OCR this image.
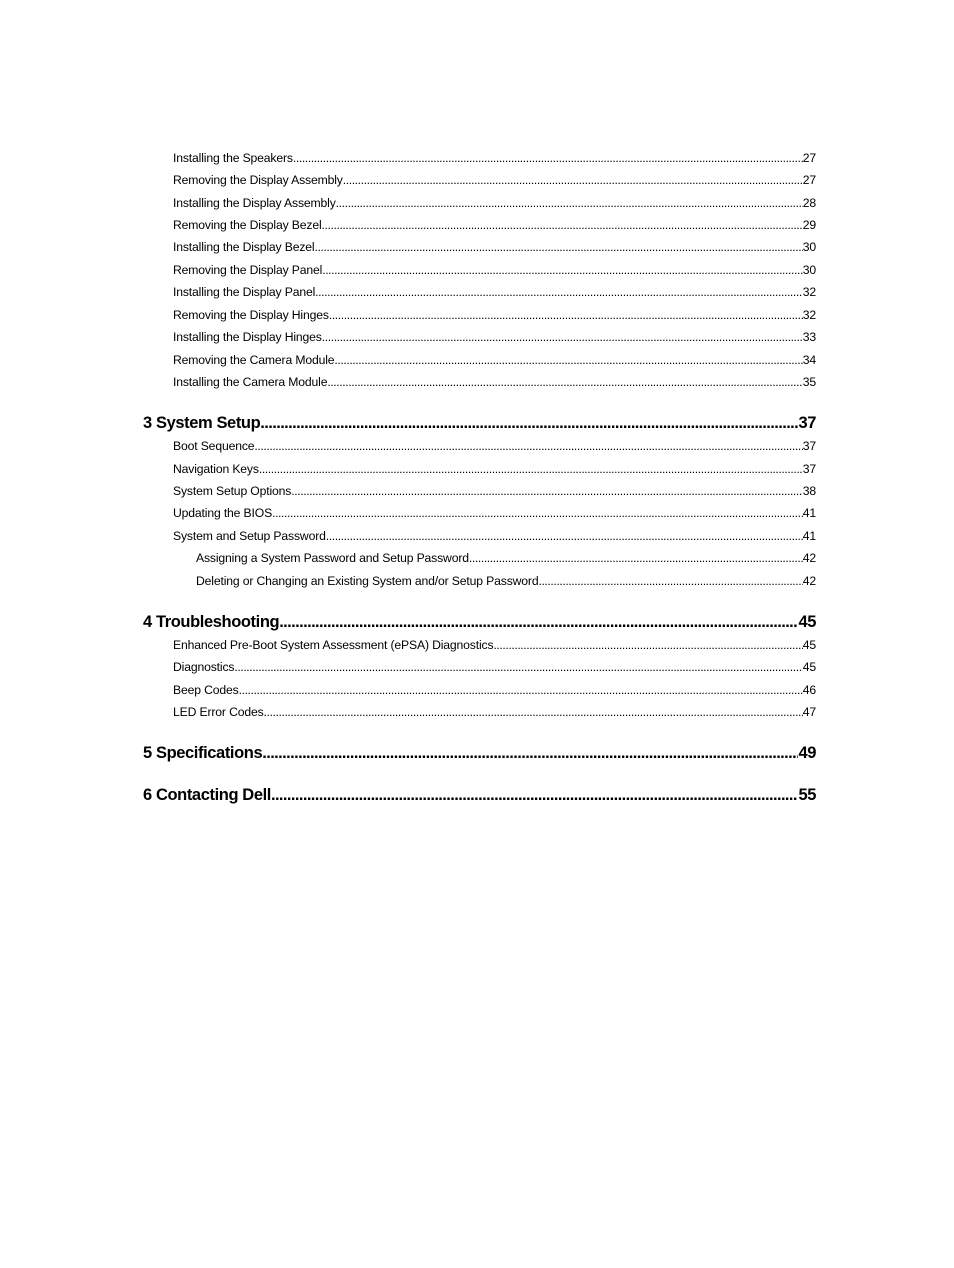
Installing the Speakers .....	27
Removing the Display Assembly .....	27
Installing the Display Assembly .....	28
Removing the Display Bezel .....	29
Installing the Display Bezel .....	30
Removing the Display Panel .....	30
Installing the Display Panel .....	32
Removing the Display Hinges .....	32
Installing the Display Hinges .....	33
Removing the Camera Module .....	34
Installing the Camera Module .....	35
3 System Setup .....	37
Boot Sequence .....	37
Navigation Keys .....	37
System Setup Options .....	38
Updating the BIOS .....	41
System and Setup Password .....	41
Assigning a System Password and Setup Password .....	42
Deleting or Changing an Existing System and/or Setup Password .....	42
4 Troubleshooting .....	45
Enhanced Pre-Boot System Assessment (ePSA) Diagnostics .....	45
Diagnostics .....	45
Beep Codes .....	46
LED Error Codes .....	47
5 Specifications .....	49
6 Contacting Dell .....	55
